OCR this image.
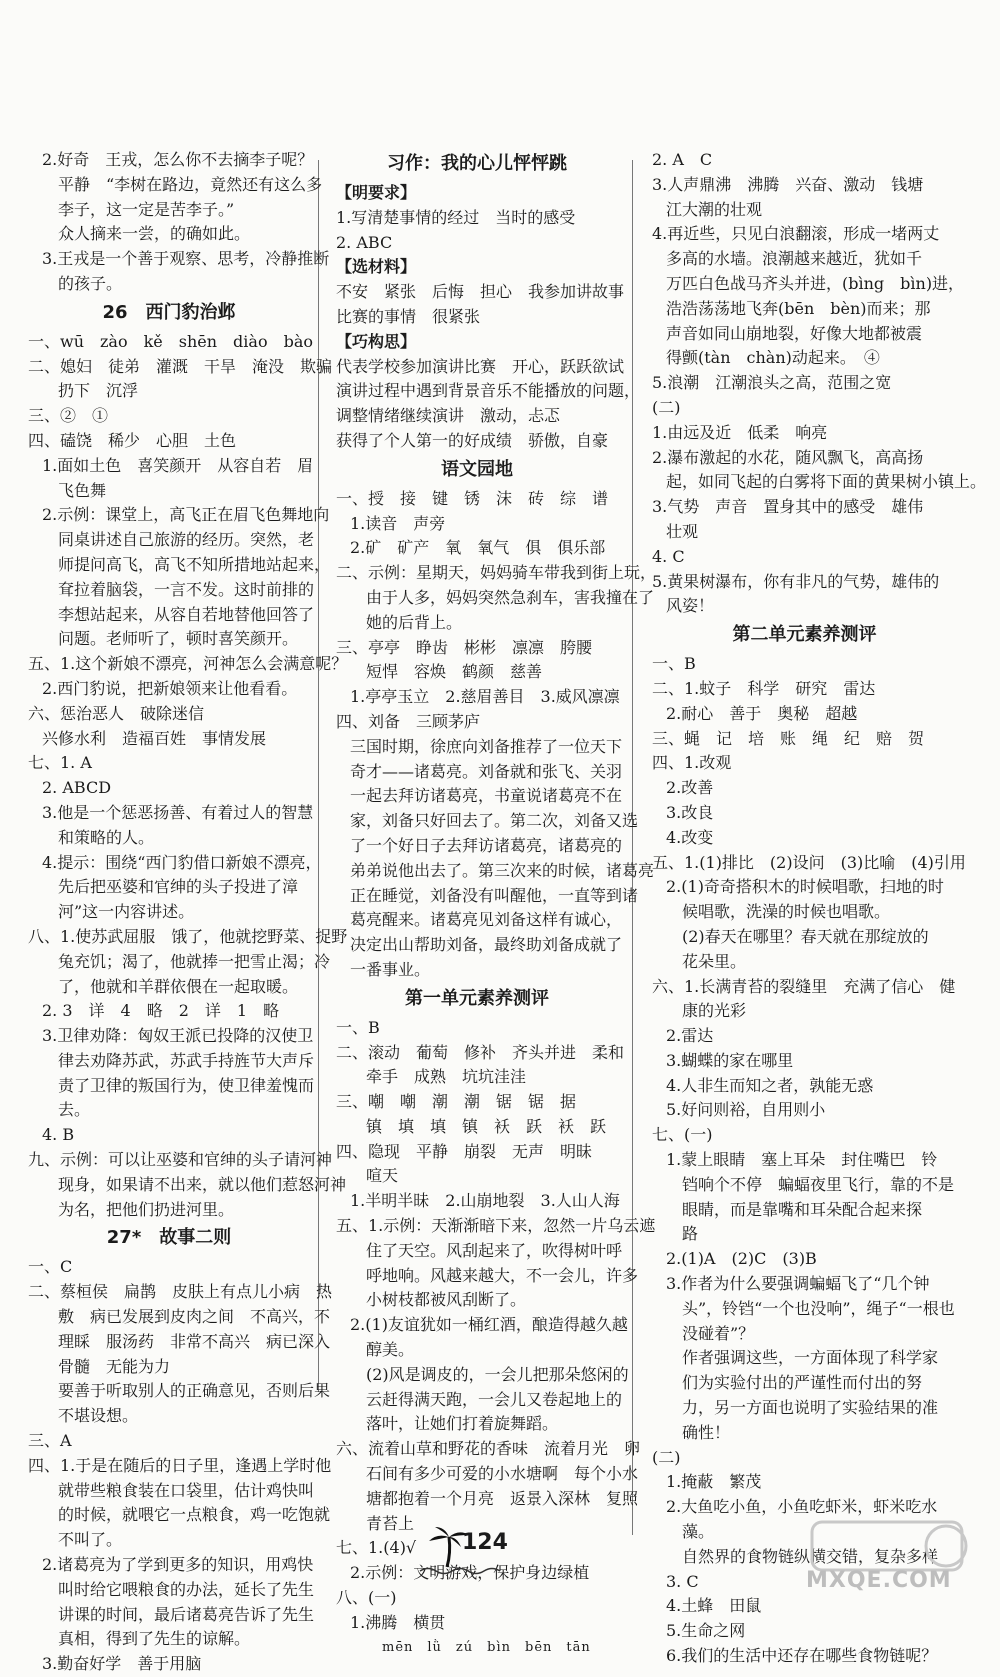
2.好奇　王戎，怎么你不去摘李子呢？
平静　“李树在路边，竟然还有这么多
李子，这一定是苦李子。”
众人摘来一尝，的确如此。
3.王戎是一个善于观察、思考，冷静推断
的孩子。
26　西门豹治邺
一、wū　zào　kě　shēn　diào　bào
二、媳妇　徒弟　灌溉　干旱　淹没　欺骗
扔下　沉浮
三、②　①
四、磕饶　稀少　心胆　土色
1.面如土色　喜笑颜开　从容自若　眉
飞色舞
2.示例：课堂上，高飞正在眉飞色舞地向
同桌讲述自己旅游的经历。突然，老
师提问高飞，高飞不知所措地站起来，
耷拉着脑袋，一言不发。这时前排的
李想站起来，从容自若地替他回答了
问题。老师听了，顿时喜笑颜开。
五、1.这个新娘不漂亮，河神怎么会满意呢？
2.西门豹说，把新娘领来让他看看。
六、惩治恶人　破除迷信
兴修水利　造福百姓　事情发展
七、1. A
2. ABCD
3.他是一个惩恶扬善、有着过人的智慧
和策略的人。
4.提示：围绕“西门豹借口新娘不漂亮，
先后把巫婆和官绅的头子投进了漳
河”这一内容讲述。
八、1.使苏武屈服　饿了，他就挖野菜、捉野
兔充饥；渴了，他就捧一把雪止渴；冷
了，他就和羊群依偎在一起取暖。
2. 3　详　4　略　2　详　1　略
3.卫律劝降：匈奴王派已投降的汉使卫
律去劝降苏武，苏武手持旌节大声斥
责了卫律的叛国行为，使卫律羞愧而
去。
4. B
九、示例：可以让巫婆和官绅的头子请河神
现身，如果请不出来，就以他们惹怒河神
为名，把他们扔进河里。
27*　故事二则
一、C
二、蔡桓侯　扁鹊　皮肤上有点儿小病　热
敷　病已发展到皮肉之间　不高兴，不
理睬　服汤药　非常不高兴　病已深入
骨髓　无能为力
要善于听取别人的正确意见，否则后果
不堪设想。
三、A
四、1.于是在随后的日子里，逢遇上学时他
就带些粮食装在口袋里，估计鸡快叫
的时候，就喂它一点粮食，鸡一吃饱就
不叫了。
2.诸葛亮为了学到更多的知识，用鸡快
叫时给它喂粮食的办法，延长了先生
讲课的时间，最后诸葛亮告诉了先生
真相，得到了先生的谅解。
3.勤奋好学　善于用脑
习作：我的心儿怦怦跳
【明要求】
1.写清楚事情的经过　当时的感受
2. ABC
【选材料】
不安　紧张　后悔　担心　我参加讲故事
比赛的事情　很紧张
【巧构思】
代表学校参加演讲比赛　开心，跃跃欲试
演讲过程中遇到背景音乐不能播放的问题，
调整情绪继续演讲　激动，忐忑
获得了个人第一的好成绩　骄傲，自豪
语文园地
一、授　接　键　锈　沫　砖　综　谱
1.读音　声旁
2.矿　矿产　氧　氧气　俱　俱乐部
二、示例：星期天，妈妈骑车带我到街上玩，
由于人多，妈妈突然急刹车，害我撞在了
她的后背上。
三、亭亭　睁齿　彬彬　凛凛　胯腰
短悍　容焕　鹤颜　慈善
1.亭亭玉立　2.慈眉善目　3.威风凛凛
四、刘备　三顾茅庐
三国时期，徐庶向刘备推荐了一位天下
奇才——诸葛亮。刘备就和张飞、关羽
一起去拜访诸葛亮，书童说诸葛亮不在
家，刘备只好回去了。第二次，刘备又选
了一个好日子去拜访诸葛亮，诸葛亮的
弟弟说他出去了。第三次来的时候，诸葛亮
正在睡觉，刘备没有叫醒他，一直等到诸
葛亮醒来。诸葛亮见刘备这样有诚心，
决定出山帮助刘备，最终助刘备成就了
一番事业。
第一单元素养测评
一、B
二、滚动　葡萄　修补　齐头并进　柔和
牵手　成熟　坑坑洼洼
三、嘲　嘲　潮　潮　锯　锯　据
镇　填　填　镇　袄　跃　袄　跃
四、隐现　平静　崩裂　无声　明昧
喧天
1.半明半昧　2.山崩地裂　3.人山人海
五、1.示例：天渐渐暗下来，忽然一片乌云遮
住了天空。风刮起来了，吹得树叶呼
呼地响。风越来越大，不一会儿，许多
小树枝都被风刮断了。
2.(1)友谊犹如一桶红酒，酿造得越久越
醇美。
(2)风是调皮的，一会儿把那朵悠闲的
云赶得满天跑，一会儿又卷起地上的
落叶，让她们打着旋舞蹈。
六、流着山草和野花的香味　流着月光　卵
石间有多少可爱的小水塘啊　每个小水
塘都抱着一个月亮　返景入深林　复照
青苔上
七、1.(4)√
2.示例：文明游戏，保护身边绿植
八、(一)
1.沸腾　横贯
mēn　lǜ　zú　bìn　bēn　tān
2. A　C
3.人声鼎沸　沸腾　兴奋、激动　钱塘
江大潮的壮观
4.再近些，只见白浪翻滚，形成一堵两丈
多高的水墙。浪潮越来越近，犹如千
万匹白色战马齐头并进，(bìng　bìn)进，
浩浩荡荡地飞奔(bēn　bèn)而来；那
声音如同山崩地裂，好像大地都被震
得颤(tàn　chàn)动起来。　④
5.浪潮　江潮浪头之高，范围之宽
(二)
1.由远及近　低柔　响亮
2.瀑布激起的水花，随风飘飞，高高扬
起，如同飞起的白雾将下面的黄果树小镇上。
3.气势　声音　置身其中的感受　雄伟
壮观
4. C
5.黄果树瀑布，你有非凡的气势，雄伟的
风姿！
第二单元素养测评
一、B
二、1.蚊子　科学　研究　雷达
2.耐心　善于　奥秘　超越
三、蝇　记　培　账　绳　纪　赔　贺
四、1.改观
2.改善
3.改良
4.改变
五、1.(1)排比　(2)设问　(3)比喻　(4)引用
2.(1)奇奇搭积木的时候唱歌，扫地的时
候唱歌，洗澡的时候也唱歌。
(2)春天在哪里？春天就在那绽放的
花朵里。
六、1.长满青苔的裂缝里　充满了信心　健
康的光彩
2.雷达
3.蝴蝶的家在哪里
4.人非生而知之者，孰能无惑
5.好问则裕，自用则小
七、(一)
1.蒙上眼睛　塞上耳朵　封住嘴巴　铃
铛响个不停　蝙蝠夜里飞行，靠的不是
眼睛，而是靠嘴和耳朵配合起来探
路
2.(1)A　(2)C　(3)B
3.作者为什么要强调蝙蝠飞了“几个钟
头”，铃铛“一个也没响”，绳子“一根也
没碰着”？
作者强调这些，一方面体现了科学家
们为实验付出的严谨性而付出的努
力，另一方面也说明了实验结果的准
确性！
(二)
1.掩蔽　繁茂
2.大鱼吃小鱼，小鱼吃虾米，虾米吃水
藻。
自然界的食物链纵横交错，复杂多样
3. C
4.土蜂　田鼠
5.生命之网
6.我们的生活中还存在哪些食物链呢？
124
MXQE.COM
